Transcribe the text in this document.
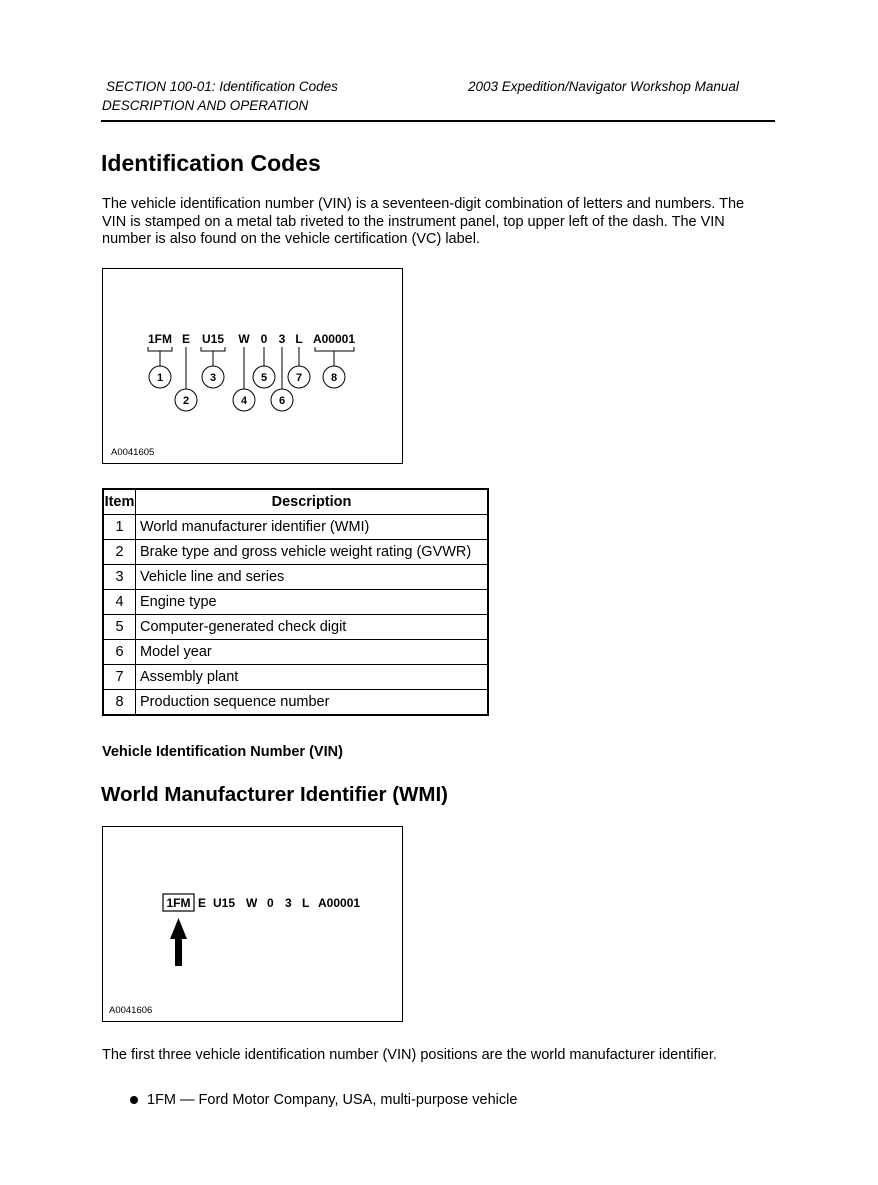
SECTION 100-01: Identification Codes	2003 Expedition/Navigator Workshop Manual
DESCRIPTION AND OPERATION
Identification Codes
The vehicle identification number (VIN) is a seventeen-digit combination of letters and numbers. The
VIN is stamped on a metal tab riveted to the instrument panel, top upper left of the dash. The VIN
number is also found on the vehicle certification (VC) label.
1FM E U15 W 0 3 L A00001
1
2
3
4
5
6
7	8
A0041605
Item	Description
1	World manufacturer identifier (WMI)
2	Brake type and gross vehicle weight rating (GVWR)
3	Vehicle line and series
4	Engine type
5	Computer-generated check digit
6	Model year
7	Assembly plant
8	Production sequence number
Vehicle Identification Number (VIN)
World Manufacturer Identifier (WMI)
1FM E U15 W 0 3 L A00001
A0041606
The first three vehicle identification number (VIN) positions are the world manufacturer identifier.
1FM — Ford Motor Company, USA, multi-purpose vehicle
